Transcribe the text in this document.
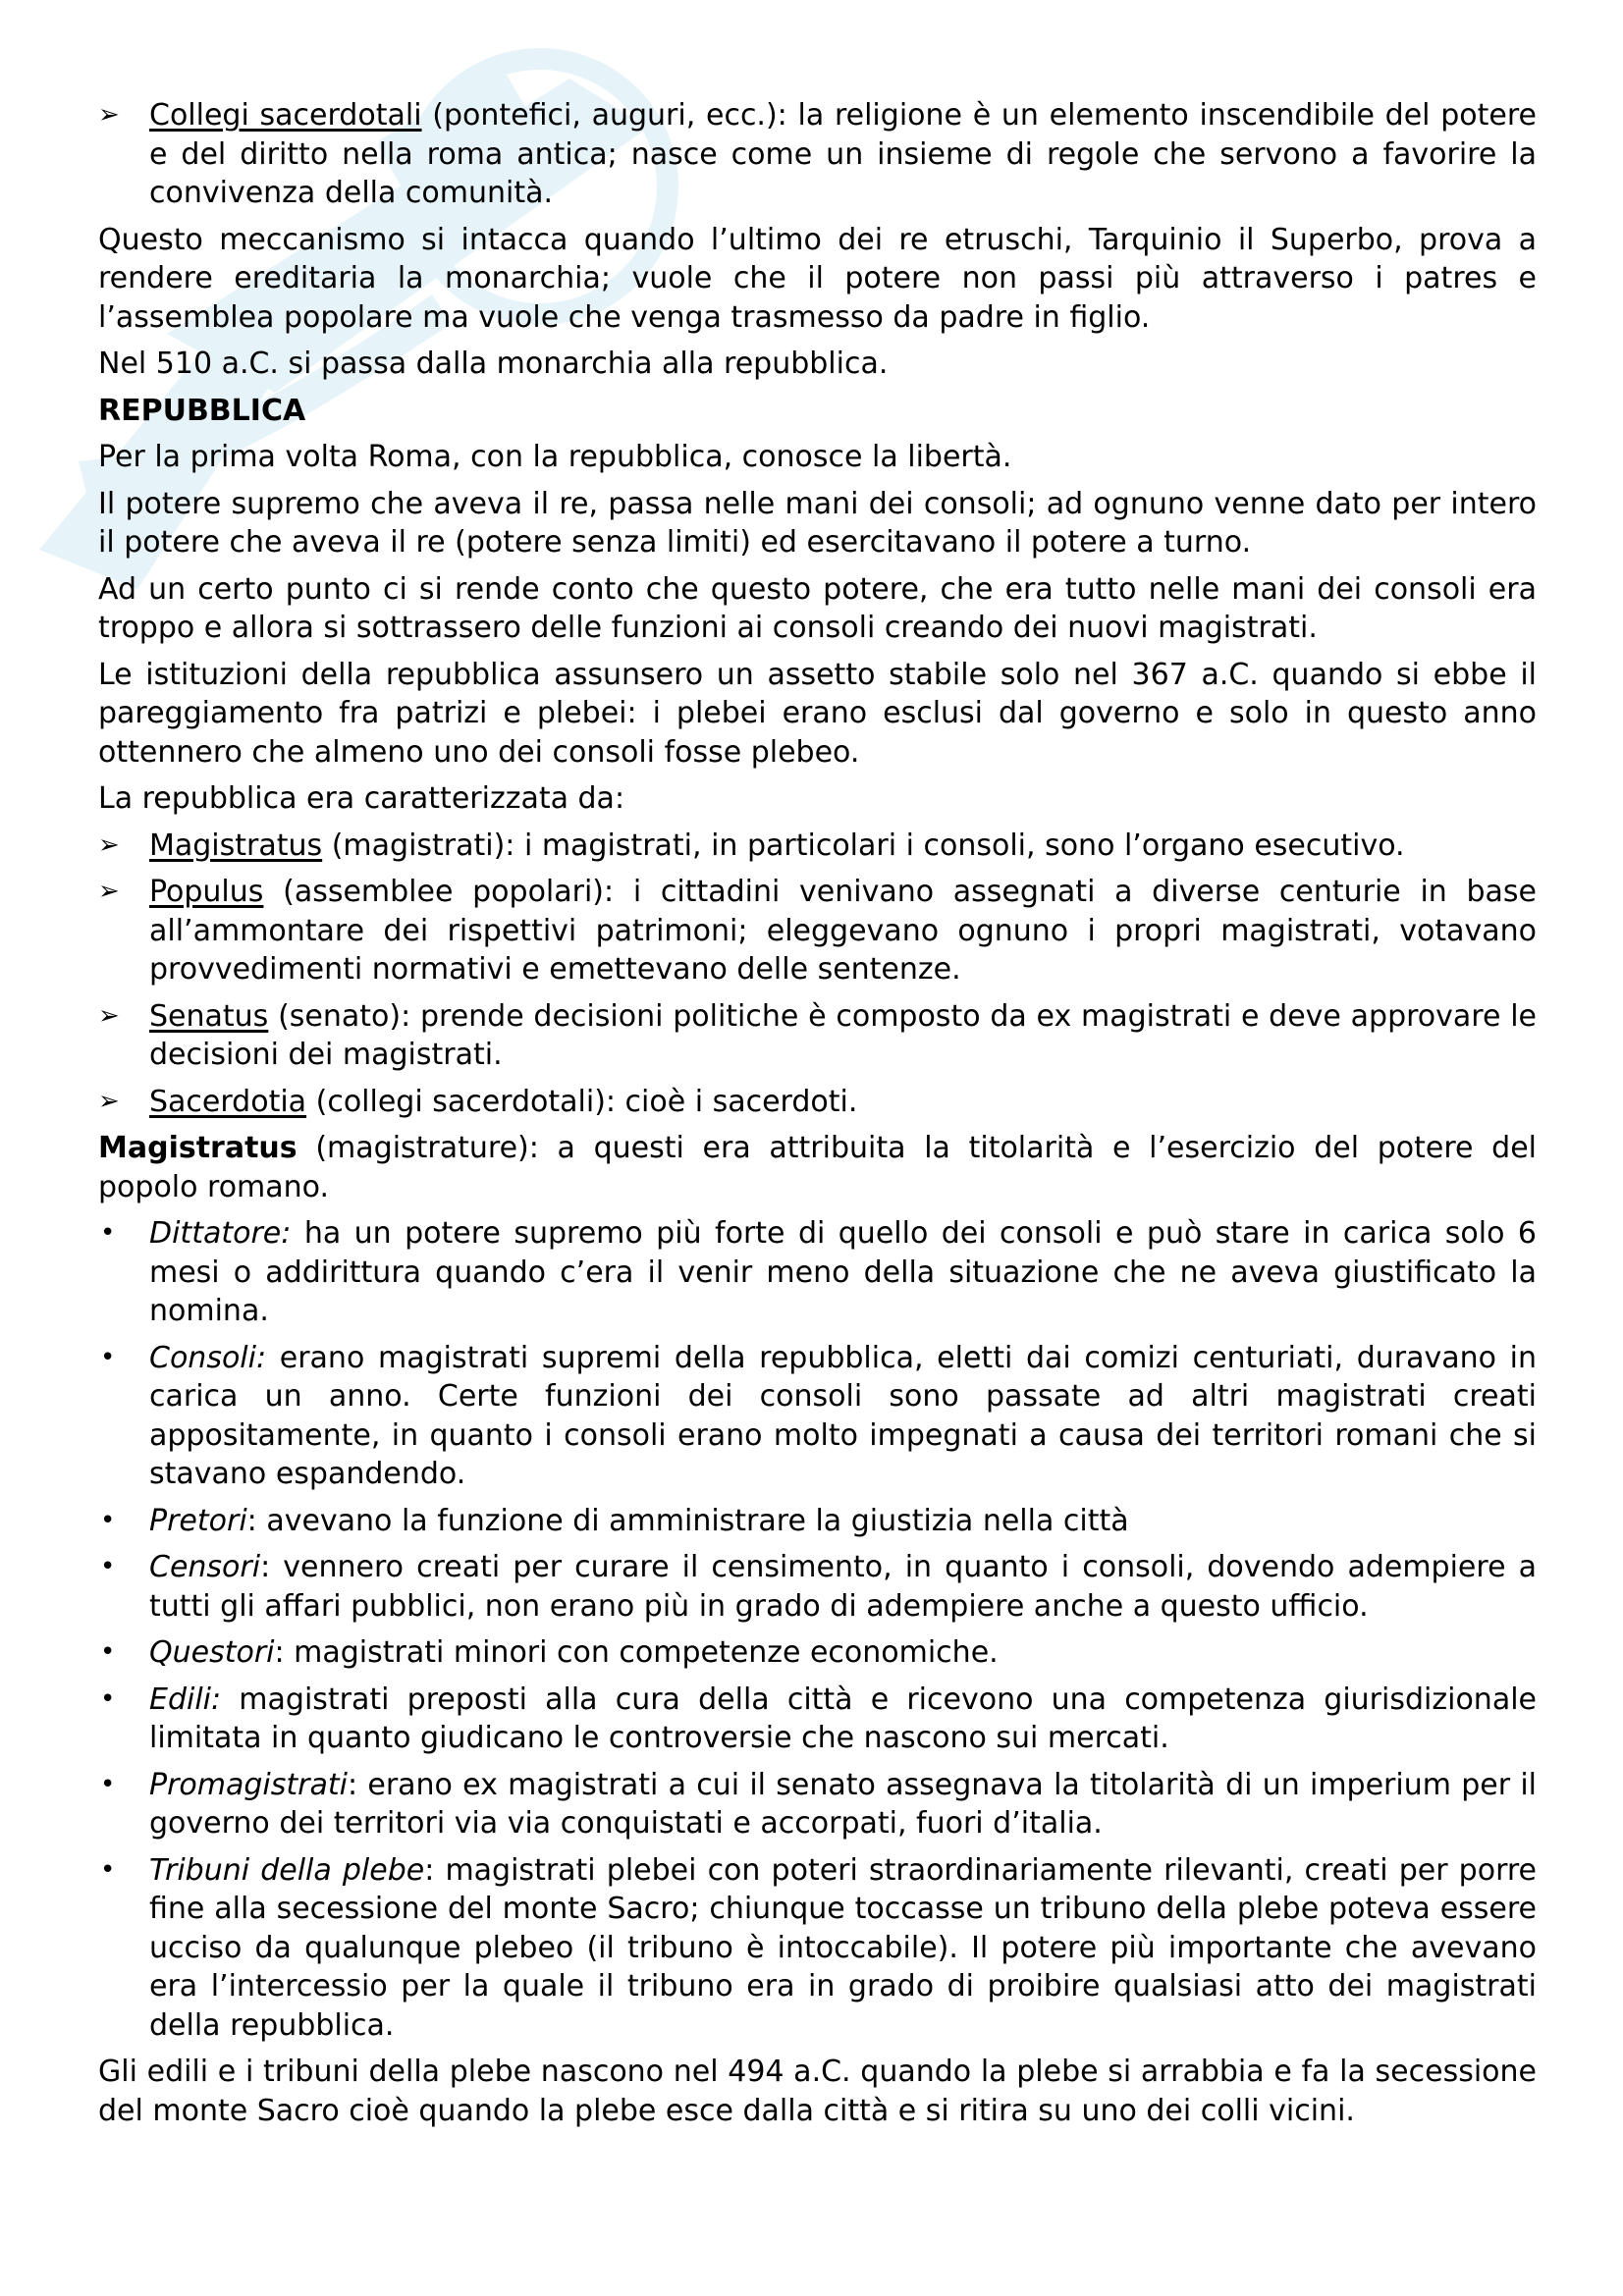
➢	Collegi sacerdotali (pontefici, auguri, ecc.): la religione è un elemento inscendibile del potere e del diritto nella roma antica; nasce come un insieme di regole che servono a favorire la convivenza della comunità.

Questo meccanismo si intacca quando l’ultimo dei re etruschi, Tarquinio il Superbo, prova a rendere ereditaria la monarchia; vuole che il potere non passi più attraverso i patres e l’assemblea popolare ma vuole che venga trasmesso da padre in figlio.

Nel 510 a.C. si passa dalla monarchia alla repubblica.

REPUBBLICA

Per la prima volta Roma, con la repubblica, conosce la libertà.

Il potere supremo che aveva il re, passa nelle mani dei consoli; ad ognuno venne dato per intero il potere che aveva il re (potere senza limiti) ed esercitavano il potere a turno.

Ad un certo punto ci si rende conto che questo potere, che era tutto nelle mani dei consoli era troppo e allora si sottrassero delle funzioni ai consoli creando dei nuovi magistrati.

Le istituzioni della repubblica assunsero un assetto stabile solo nel 367 a.C. quando si ebbe il pareggiamento fra patrizi e plebei: i plebei erano esclusi dal governo e solo in questo anno ottennero che almeno uno dei consoli fosse plebeo.

La repubblica era caratterizzata da:

➢	Magistratus (magistrati): i magistrati, in particolari i consoli, sono l’organo esecutivo.
➢	Populus (assemblee popolari): i cittadini venivano assegnati a diverse centurie in base all’ammontare dei rispettivi patrimoni; eleggevano ognuno i propri magistrati, votavano provvedimenti normativi e emettevano delle sentenze.
➢	Senatus (senato): prende decisioni politiche è composto da ex magistrati e deve approvare le decisioni dei magistrati.
➢	Sacerdotia (collegi sacerdotali): cioè i sacerdoti.

Magistratus (magistrature): a questi era attribuita la titolarità e l’esercizio del potere del popolo romano.

•	Dittatore: ha un potere supremo più forte di quello dei consoli e può stare in carica solo 6 mesi o addirittura quando c’era il venir meno della situazione che ne aveva giustificato la nomina.
•	Consoli: erano magistrati supremi della repubblica, eletti dai comizi centuriati, duravano in carica un anno. Certe funzioni dei consoli sono passate ad altri magistrati creati appositamente, in quanto i consoli erano molto impegnati a causa dei territori romani che si stavano espandendo.
•	Pretori: avevano la funzione di amministrare la giustizia nella città
•	Censori: vennero creati per curare il censimento, in quanto i consoli, dovendo adempiere a tutti gli affari pubblici, non erano più in grado di adempiere anche a questo ufficio.
•	Questori: magistrati minori con competenze economiche.
•	Edili: magistrati preposti alla cura della città e ricevono una competenza giurisdizionale limitata in quanto giudicano le controversie che nascono sui mercati.
•	Promagistrati: erano ex magistrati a cui il senato assegnava la titolarità di un imperium per il governo dei territori via via conquistati e accorpati, fuori d’italia.
•	Tribuni della plebe: magistrati plebei con poteri straordinariamente rilevanti, creati per porre fine alla secessione del monte Sacro; chiunque toccasse un tribuno della plebe poteva essere ucciso da qualunque plebeo (il tribuno è intoccabile). Il potere più importante che avevano era l’intercessio per la quale il tribuno era in grado di proibire qualsiasi atto dei magistrati della repubblica.

Gli edili e i tribuni della plebe nascono nel 494 a.C. quando la plebe si arrabbia e fa la secessione del monte Sacro cioè quando la plebe esce dalla città e si ritira su uno dei colli vicini.
